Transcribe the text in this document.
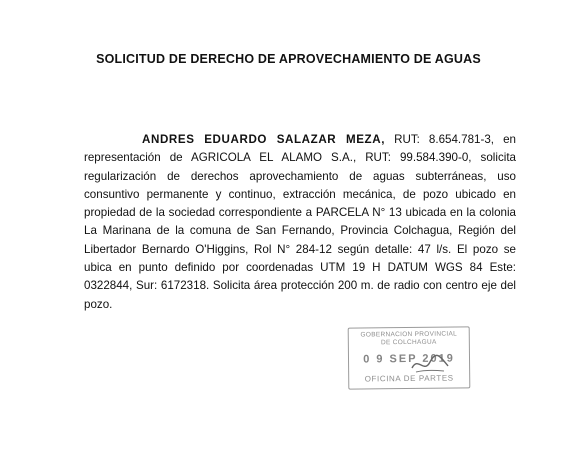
SOLICITUD DE DERECHO DE APROVECHAMIENTO DE AGUAS
ANDRES EDUARDO SALAZAR MEZA, RUT: 8.654.781-3, en representación de AGRICOLA EL ALAMO S.A., RUT: 99.584.390-0, solicita regularización de derechos aprovechamiento de aguas subterráneas, uso consuntivo permanente y continuo, extracción mecánica, de pozo ubicado en propiedad de la sociedad correspondiente a PARCELA N° 13 ubicada en la colonia La Marinana de la comuna de San Fernando, Provincia Colchagua, Región del Libertador Bernardo O'Higgins, Rol N° 284-12 según detalle: 47 l/s. El pozo se ubica en punto definido por coordenadas UTM 19 H DATUM WGS 84 Este: 0322844, Sur: 6172318. Solicita área protección 200 m. de radio con centro eje del pozo.
GOBERNACION PROVINCIAL
DE COLCHAGUA
0 9 SEP 2019
OFICINA DE PARTES
